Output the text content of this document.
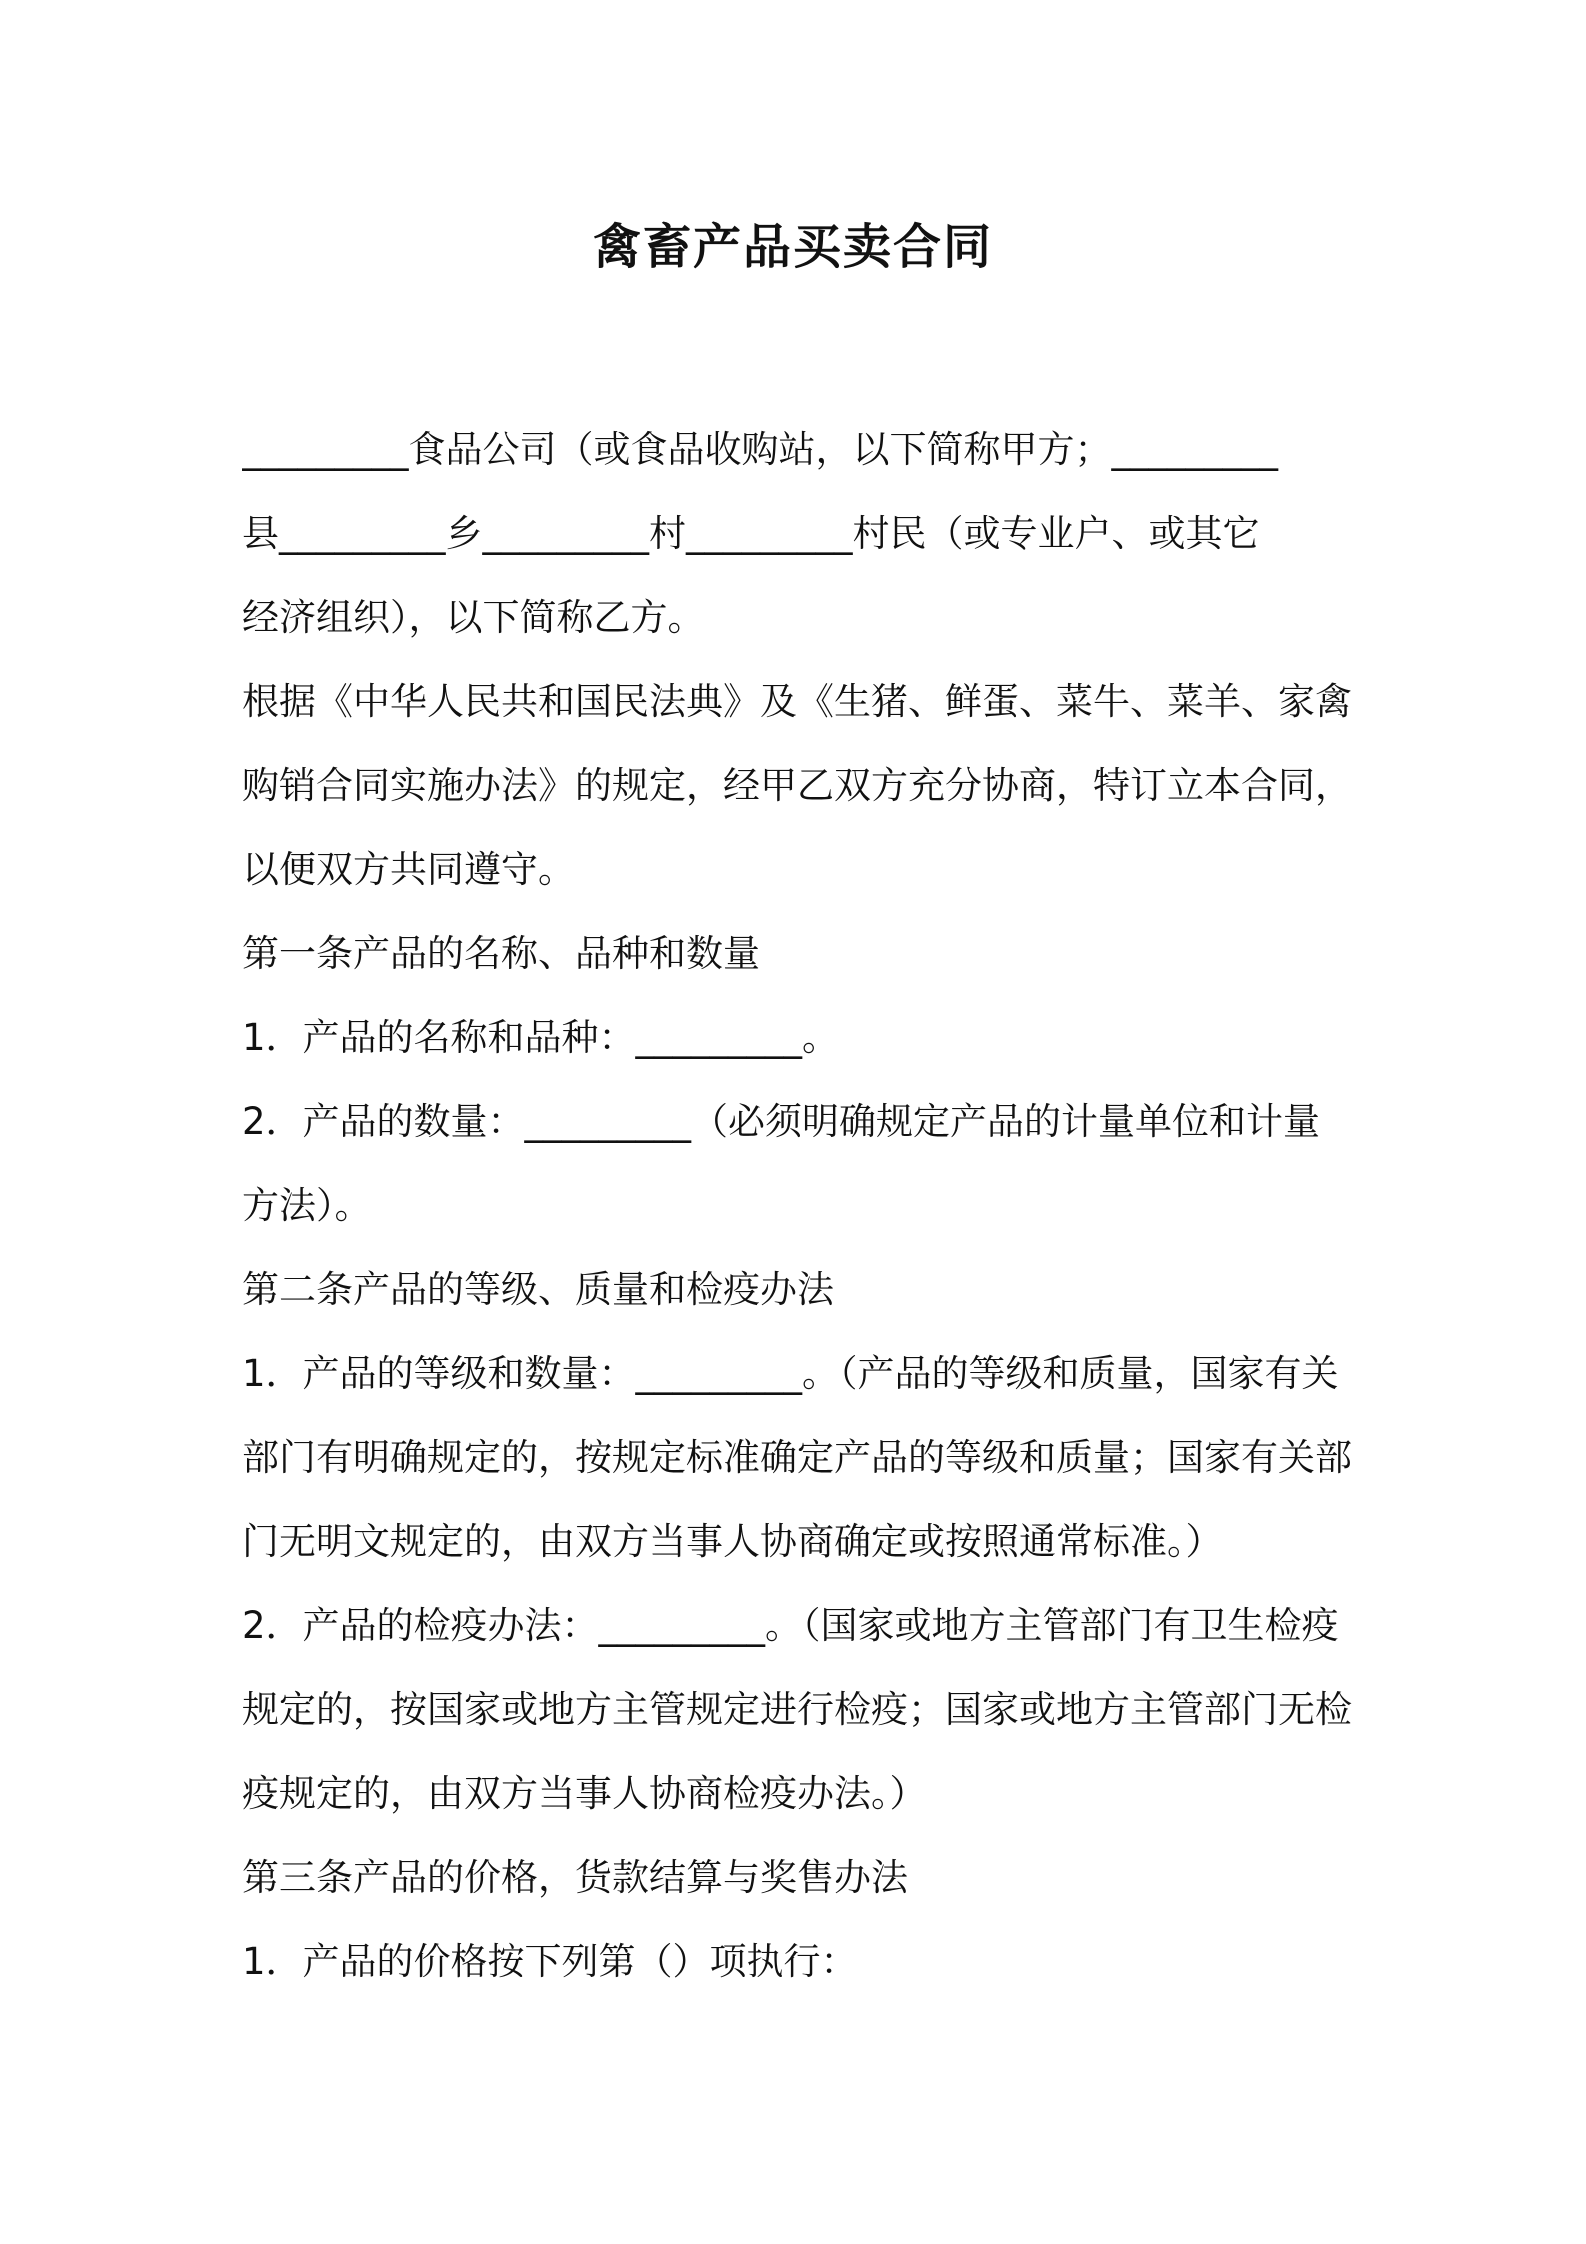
禽畜产品买卖合同
_________食品公司（或食品收购站，以下简称甲方；_________
县_________乡_________村_________村民（或专业户、或其它
经济组织），以下简称乙方。
根据《中华人民共和国民法典》及《生猪、鲜蛋、菜牛、菜羊、家禽
购销合同实施办法》的规定，经甲乙双方充分协商，特订立本合同，
以便双方共同遵守。
第一条产品的名称、品种和数量
1．产品的名称和品种：_________。
2．产品的数量：_________（必须明确规定产品的计量单位和计量
方法）。
第二条产品的等级、质量和检疫办法
1．产品的等级和数量：_________。（产品的等级和质量，国家有关
部门有明确规定的，按规定标准确定产品的等级和质量；国家有关部
门无明文规定的，由双方当事人协商确定或按照通常标准。）
2．产品的检疫办法：_________。（国家或地方主管部门有卫生检疫
规定的，按国家或地方主管规定进行检疫；国家或地方主管部门无检
疫规定的，由双方当事人协商检疫办法。）
第三条产品的价格，货款结算与奖售办法
1．产品的价格按下列第（）项执行：
